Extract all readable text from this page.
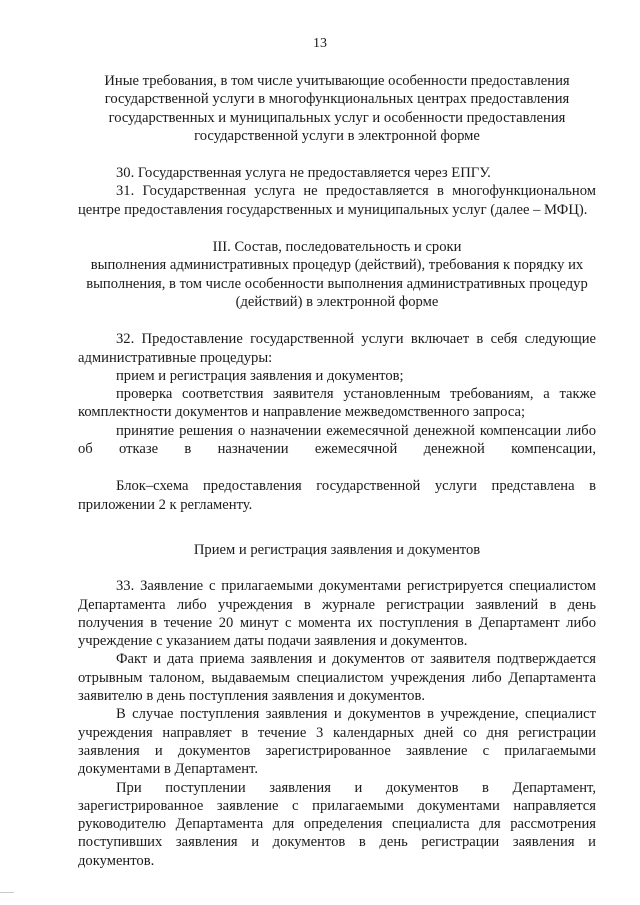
13
Иные требования, в том числе учитывающие особенности предоставления
государственной услуги в многофункциональных центрах предоставления
государственных и муниципальных услуг и особенности предоставления
государственной услуги в электронной форме

30. Государственная услуга не предоставляется через ЕПГУ.

31. Государственная услуга не предоставляется в многофункциональном центре предоставления государственных и муниципальных услуг (далее – МФЦ).

III. Состав, последовательность и сроки
выполнения административных процедур (действий), требования к порядку их
выполнения, в том числе особенности выполнения административных процедур
(действий) в электронной форме

32. Предоставление государственной услуги включает в себя следующие административные процедуры:

прием и регистрация заявления и документов;

проверка соответствия заявителя установленным требованиям, а также комплектности документов и направление межведомственного запроса;

принятие решения о назначении ежемесячной денежной компенсации либо об отказе в назначении ежемесячной денежной компенсации,

Блок–схема предоставления государственной услуги представлена в приложении 2 к регламенту.

Прием и регистрация заявления и документов

33. Заявление с прилагаемыми документами регистрируется специалистом Департамента либо учреждения в журнале регистрации заявлений в день получения в течение 20 минут с момента их поступления в Департамент либо учреждение с указанием даты подачи заявления и документов.

Факт и дата приема заявления и документов от заявителя подтверждается отрывным талоном, выдаваемым специалистом учреждения либо Департамента заявителю в день поступления заявления и документов.

В случае поступления заявления и документов в учреждение, специалист учреждения направляет в течение 3 календарных дней со дня регистрации заявления и документов зарегистрированное заявление с прилагаемыми документами в Департамент.

При поступлении заявления и документов в Департамент, зарегистрированное заявление с прилагаемыми документами направляется руководителю Департамента для определения специалиста для рассмотрения поступивших заявления и документов в день регистрации заявления и документов.
